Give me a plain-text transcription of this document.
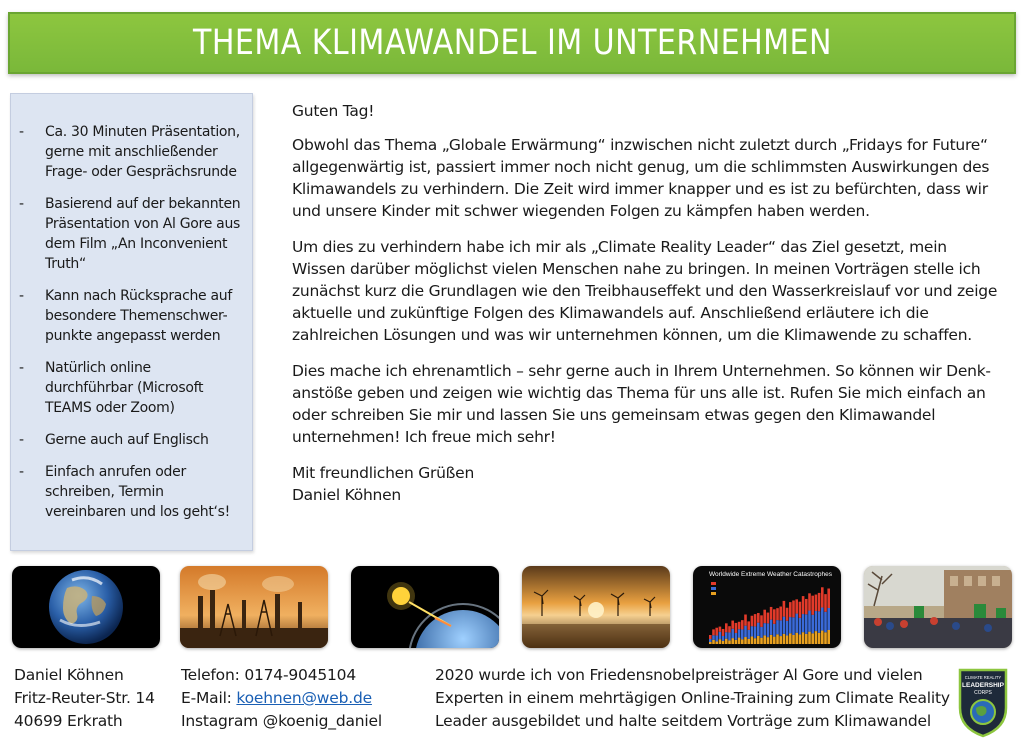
THEMA KLIMAWANDEL IM UNTERNEHMEN
- Ca. 30 Minuten Präsentation, gerne mit anschließender Frage- oder Gesprächsrunde
- Basierend auf der bekannten Präsentation von Al Gore aus dem Film „An Inconvenient Truth“
- Kann nach Rücksprache auf besondere Themenschwer-punkte angepasst werden
- Natürlich online durchführbar (Microsoft TEAMS oder Zoom)
- Gerne auch auf Englisch
- Einfach anrufen oder schreiben, Termin vereinbaren und los geht‘s!

Guten Tag!

Obwohl das Thema „Globale Erwärmung“ inzwischen nicht zuletzt durch „Fridays for Future“ allgegenwärtig ist, passiert immer noch nicht genug, um die schlimmsten Auswirkungen des Klimawandels zu verhindern. Die Zeit wird immer knapper und es ist zu befürchten, dass wir und unsere Kinder mit schwer wiegenden Folgen zu kämpfen haben werden.

Um dies zu verhindern habe ich mir als „Climate Reality Leader“ das Ziel gesetzt, mein Wissen darüber möglichst vielen Menschen nahe zu bringen. In meinen Vorträgen stelle ich zunächst kurz die Grundlagen wie den Treibhauseffekt und den Wasserkreislauf vor und zeige aktuelle und zukünftige Folgen des Klimawandels auf. Anschließend erläutere ich die zahlreichen Lösungen und was wir unternehmen können, um die Klimawende zu schaffen.

Dies mache ich ehrenamtlich – sehr gerne auch in Ihrem Unternehmen. So können wir Denk-anstöße geben und zeigen wie wichtig das Thema für uns alle ist. Rufen Sie mich einfach an oder schreiben Sie mir und lassen Sie uns gemeinsam etwas gegen den Klimawandel unternehmen! Ich freue mich sehr!

Mit freundlichen Grüßen
Daniel Köhnen
Worldwide Extreme Weather Catastrophes
Daniel Köhnen
Fritz-Reuter-Str. 14
40699 Erkrath
Telefon: 0174-9045104
E-Mail: koehnen@web.de
Instagram @koenig_daniel
2020 wurde ich von Friedensnobelpreisträger Al Gore und vielen
Experten in einem mehrtägigen Online-Training zum Climate Reality
Leader ausgebildet und halte seitdem Vorträge zum Klimawandel
CLIMATE REALITY
LEADERSHIP
CORPS
